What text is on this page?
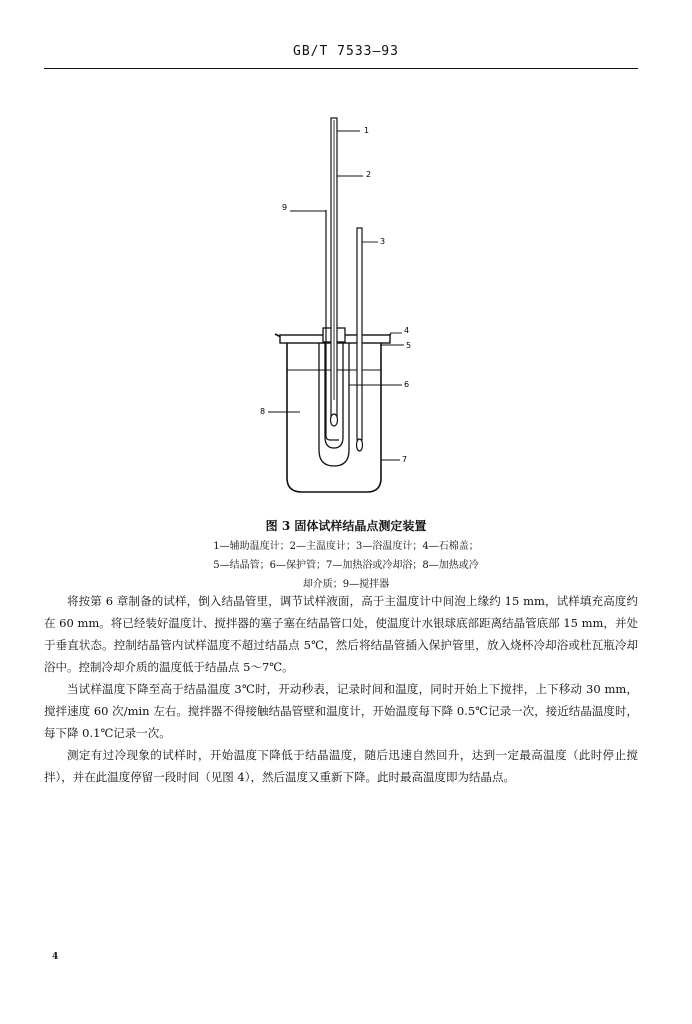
GB/T 7533—93
1
2
3
4
5
6
7
8
9
图 3 固体试样结晶点测定装置
1—辅助温度计；2—主温度计；3—浴温度计；4—石棉盖；
5—结晶管；6—保护管；7—加热浴或冷却浴；8—加热或冷
却介质；9—搅拌器

将按第 6 章制备的试样，倒入结晶管里，调节试样液面，高于主温度计中间泡上缘约 15 mm，试样填充高度约在 60 mm。将已经装好温度计、搅拌器的塞子塞在结晶管口处，使温度计水银球底部距离结晶管底部 15 mm，并处于垂直状态。控制结晶管内试样温度不超过结晶点 5℃，然后将结晶管插入保护管里，放入烧杯冷却浴或杜瓦瓶冷却浴中。控制冷却介质的温度低于结晶点 5～7℃。

当试样温度下降至高于结晶温度 3℃时，开动秒表，记录时间和温度，同时开始上下搅拌，上下移动 30 mm，搅拌速度 60 次/min 左右。搅拌器不得接触结晶管壁和温度计，开始温度每下降 0.5℃记录一次，接近结晶温度时，每下降 0.1℃记录一次。

测定有过冷现象的试样时，开始温度下降低于结晶温度，随后迅速自然回升，达到一定最高温度（此时停止搅拌），并在此温度停留一段时间（见图 4），然后温度又重新下降。此时最高温度即为结晶点。

4
